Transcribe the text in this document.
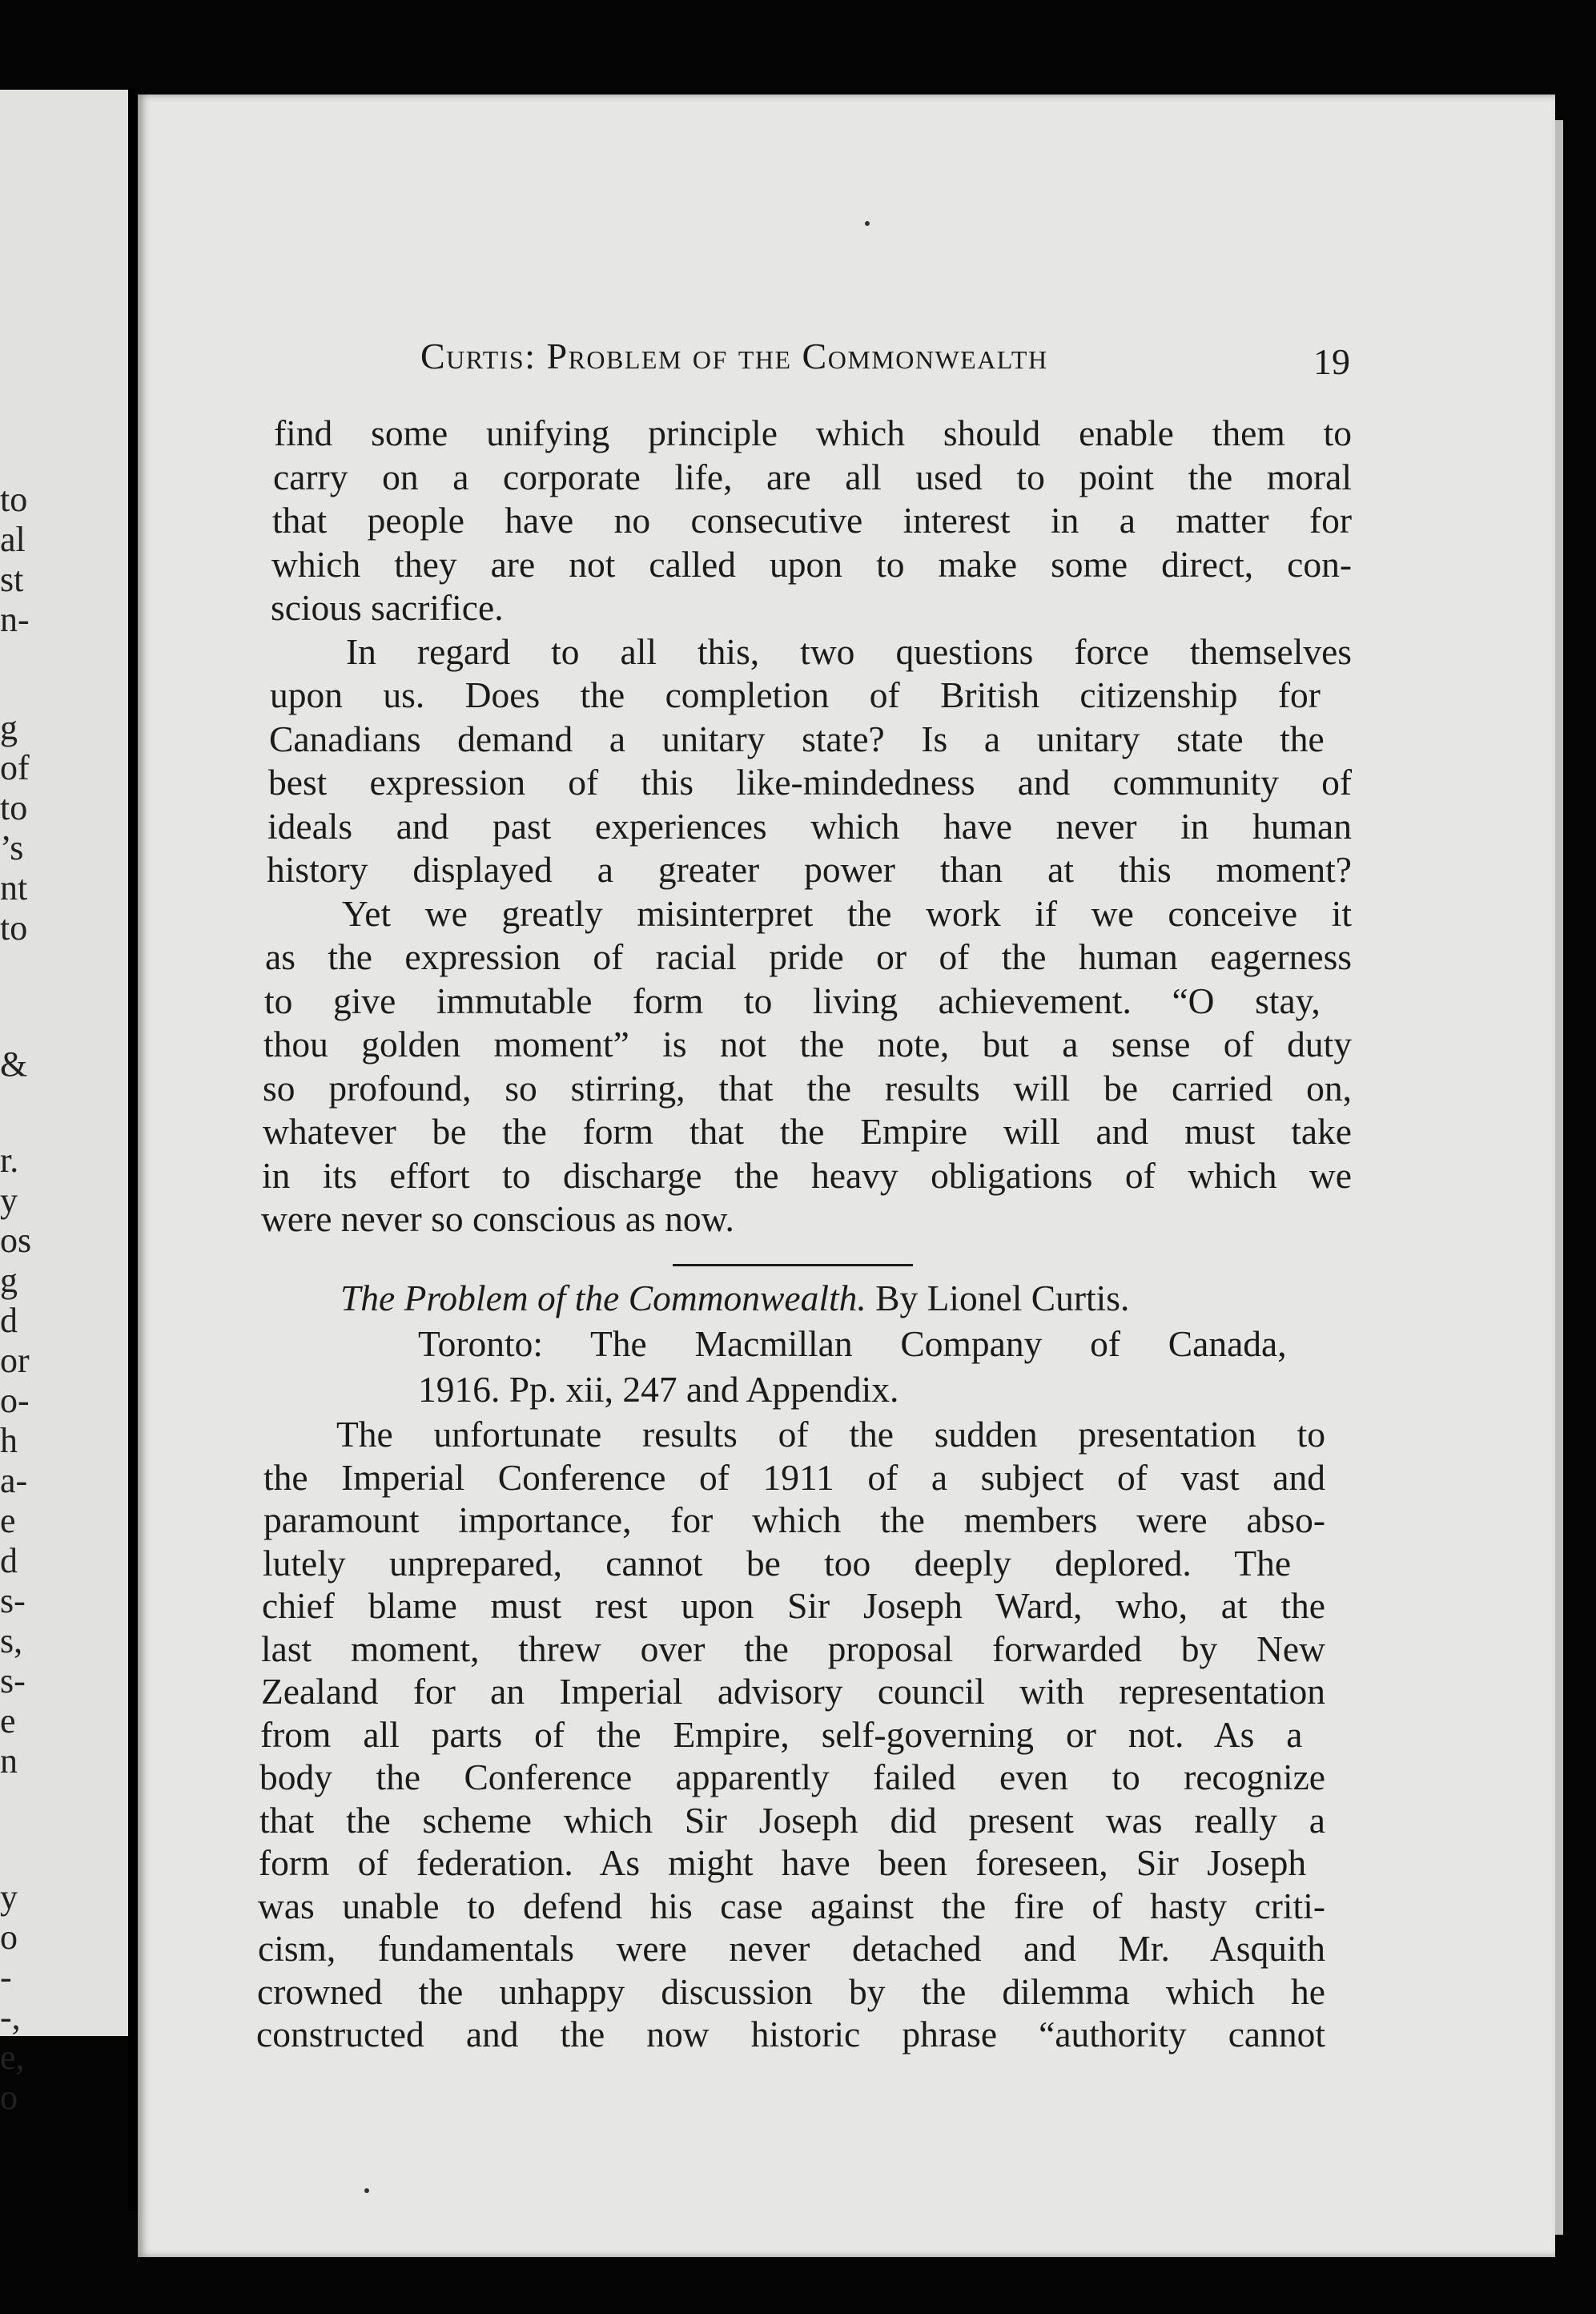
to
al
st
n-
g
of
to
’s
nt
to
&
r.
y
os
g
d
or
o-
h
a-
e
d
s-
s,
s-
e
n
y
o
-
-,
e,
o
Curtis: Problem of the Commonwealth	19
find some unifying principle which should enable them to
carry on a corporate life, are all used to point the moral
that people have no consecutive interest in a matter for
which they are not called upon to make some direct, con-
scious sacrifice.
In regard to all this, two questions force themselves
upon us. Does the completion of British citizenship for
Canadians demand a unitary state? Is a unitary state the
best expression of this like-mindedness and community of
ideals and past experiences which have never in human
history displayed a greater power than at this moment?
Yet we greatly misinterpret the work if we conceive it
as the expression of racial pride or of the human eagerness
to give immutable form to living achievement. “O stay,
thou golden moment” is not the note, but a sense of duty
so profound, so stirring, that the results will be carried on,
whatever be the form that the Empire will and must take
in its effort to discharge the heavy obligations of which we
were never so conscious as now.
The Problem of the Commonwealth. By Lionel Curtis.
Toronto: The Macmillan Company of Canada,
1916. Pp. xii, 247 and Appendix.
The unfortunate results of the sudden presentation to
the Imperial Conference of 1911 of a subject of vast and
paramount importance, for which the members were abso-
lutely unprepared, cannot be too deeply deplored. The
chief blame must rest upon Sir Joseph Ward, who, at the
last moment, threw over the proposal forwarded by New
Zealand for an Imperial advisory council with representation
from all parts of the Empire, self-governing or not. As a
body the Conference apparently failed even to recognize
that the scheme which Sir Joseph did present was really a
form of federation. As might have been foreseen, Sir Joseph
was unable to defend his case against the fire of hasty criti-
cism, fundamentals were never detached and Mr. Asquith
crowned the unhappy discussion by the dilemma which he
constructed and the now historic phrase “authority cannot
